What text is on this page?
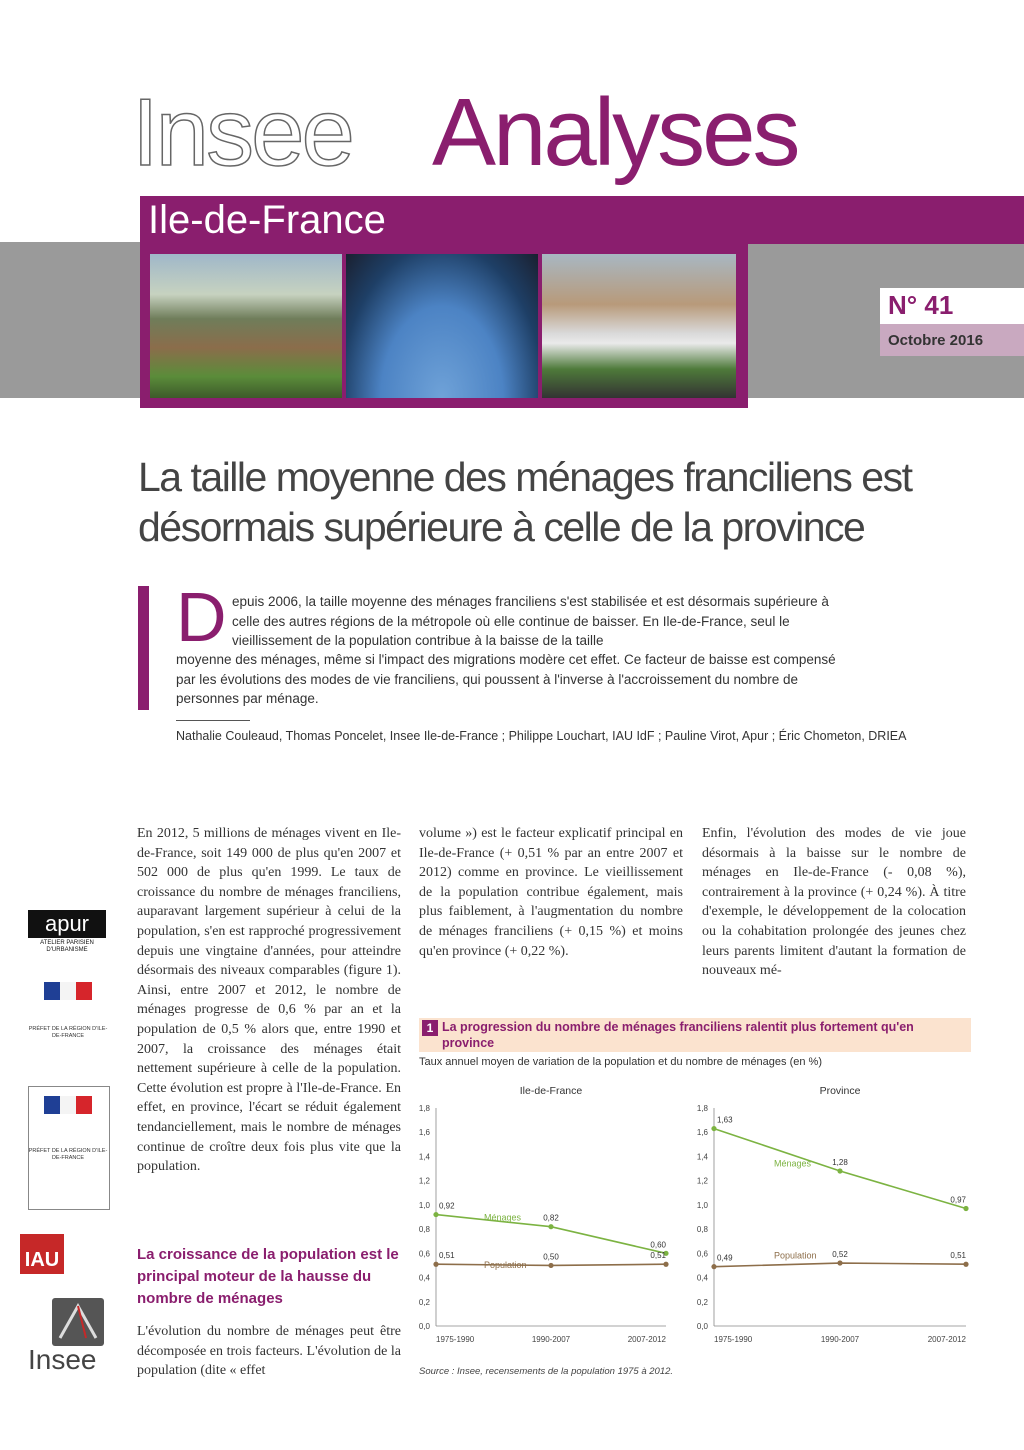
Insee Analyses
Ile-de-France
N° 41
Octobre 2016
La taille moyenne des ménages franciliens est désormais supérieure à celle de la province
D epuis 2006, la taille moyenne des ménages franciliens s'est stabilisée et est désormais supérieure à celle des autres régions de la métropole où elle continue de baisser. En Ile-de-France, seul le vieillissement de la population contribue à la baisse de la taille
moyenne des ménages, même si l'impact des migrations modère cet effet. Ce facteur de baisse est compensé par les évolutions des modes de vie franciliens, qui poussent à l'inverse à l'accroissement du nombre de personnes par ménage.
Nathalie Couleaud, Thomas Poncelet, Insee Ile-de-France ; Philippe Louchart, IAU IdF ; Pauline Virot, Apur ; Éric Chometon, DRIEA
En 2012, 5 millions de ménages vivent en Ile-de-France, soit 149 000 de plus qu'en 2007 et 502 000 de plus qu'en 1999. Le taux de croissance du nombre de ménages franciliens, auparavant largement supérieur à celui de la population, s'en est rapproché progressivement depuis une vingtaine d'années, pour atteindre désormais des niveaux comparables (figure 1). Ainsi, entre 2007 et 2012, le nombre de ménages progresse de 0,6 % par an et la population de 0,5 % alors que, entre 1990 et 2007, la croissance des ménages était nettement supérieure à celle de la population. Cette évolution est propre à l'Ile-de-France. En effet, en province, l'écart se réduit également tendanciellement, mais le nombre de ménages continue de croître deux fois plus vite que la population.
La croissance de la population est le principal moteur de la hausse du nombre de ménages
L'évolution du nombre de ménages peut être décomposée en trois facteurs. L'évolution de la population (dite « effet
volume ») est le facteur explicatif principal en Ile-de-France (+ 0,51 % par an entre 2007 et 2012) comme en province. Le vieillissement de la population contribue également, mais plus faiblement, à l'augmentation du nombre de ménages franciliens (+ 0,15 %) et moins qu'en province (+ 0,22 %).
Enfin, l'évolution des modes de vie joue désormais à la baisse sur le nombre de ménages en Ile-de-France (- 0,08 %), contrairement à la province (+ 0,24 %). À titre d'exemple, le développement de la colocation ou la cohabitation prolongée des jeunes chez leurs parents limitent d'autant la formation de nouveaux mé-
apur
ATELIER PARISIEN D'URBANISME
PRÉFET DE LA RÉGION D'ILE-DE-FRANCE
PRÉFET DE LA RÉGION D'ILE-DE-FRANCE
IAU
Insee
1 La progression du nombre de ménages franciliens ralentit plus fortement qu'en province
Taux annuel moyen de variation de la population et du nombre de ménages (en %)
Ile-de-France
0,0
0,2
0,4
0,6
0,8
1,0
1,2
1,4
1,6
1,8
1975-1990	1990-2007	2007-2012
0,92
0,82
0,60
Ménages
0,51	0,50	0,51
Population
Province
0,0
0,2
0,4
0,6
0,8
1,0
1,2
1,4
1,6
1,8
1975-1990	1990-2007	2007-2012
1,63
1,28
0,97
Ménages
0,49	0,52	0,51
Population
Source : Insee, recensements de la population 1975 à 2012.
